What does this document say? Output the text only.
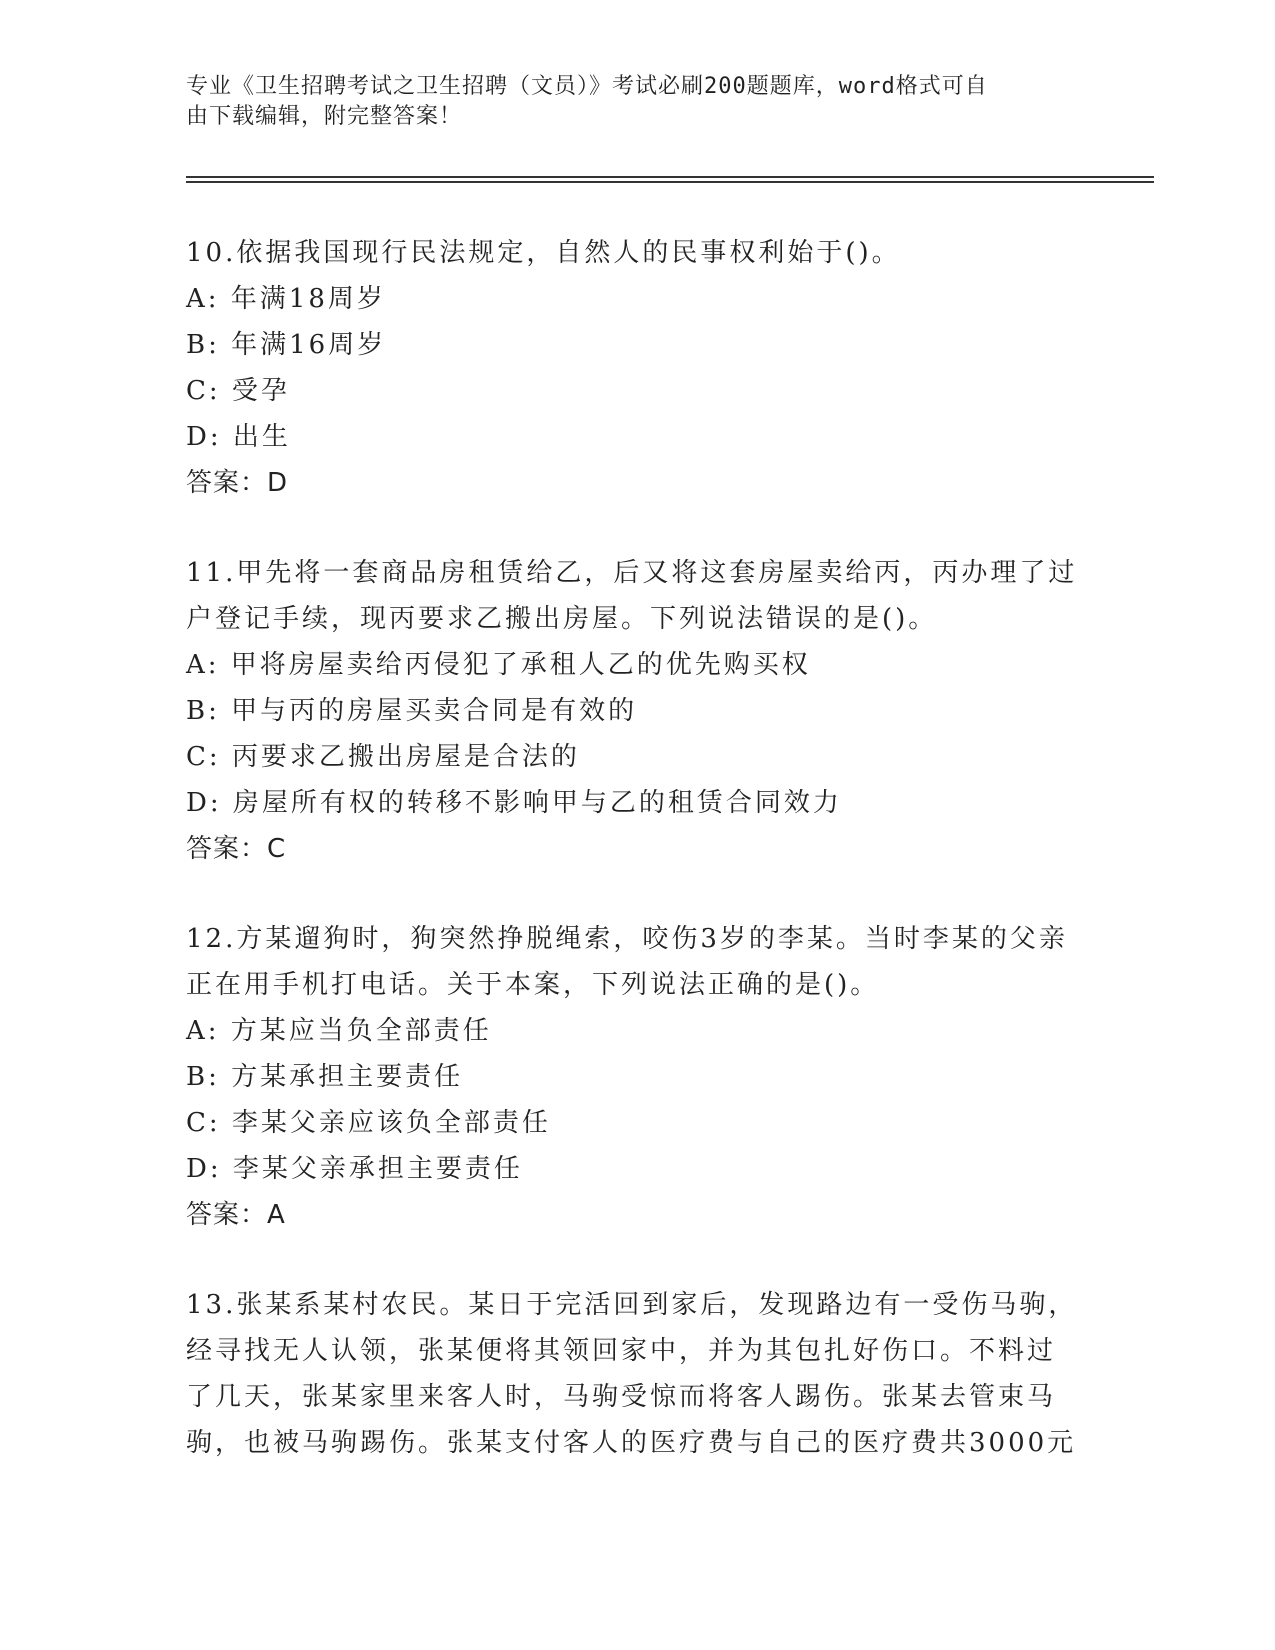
专业《卫生招聘考试之卫生招聘（文员）》考试必刷200题题库，word格式可自

由下载编辑，附完整答案！

10.依据我国现行民法规定，自然人的民事权利始于()。

A: 年满18周岁

B: 年满16周岁

C: 受孕

D: 出生

答案：D

11.甲先将一套商品房租赁给乙，后又将这套房屋卖给丙，丙办理了过

户登记手续，现丙要求乙搬出房屋。下列说法错误的是()。

A: 甲将房屋卖给丙侵犯了承租人乙的优先购买权

B: 甲与丙的房屋买卖合同是有效的

C: 丙要求乙搬出房屋是合法的

D: 房屋所有权的转移不影响甲与乙的租赁合同效力

答案：C

12.方某遛狗时，狗突然挣脱绳索，咬伤3岁的李某。当时李某的父亲

正在用手机打电话。关于本案，下列说法正确的是()。

A: 方某应当负全部责任

B: 方某承担主要责任

C: 李某父亲应该负全部责任

D: 李某父亲承担主要责任

答案：A

13.张某系某村农民。某日于完活回到家后，发现路边有一受伤马驹，

经寻找无人认领，张某便将其领回家中，并为其包扎好伤口。不料过

了几天，张某家里来客人时，马驹受惊而将客人踢伤。张某去管束马

驹，也被马驹踢伤。张某支付客人的医疗费与自己的医疗费共3000元
